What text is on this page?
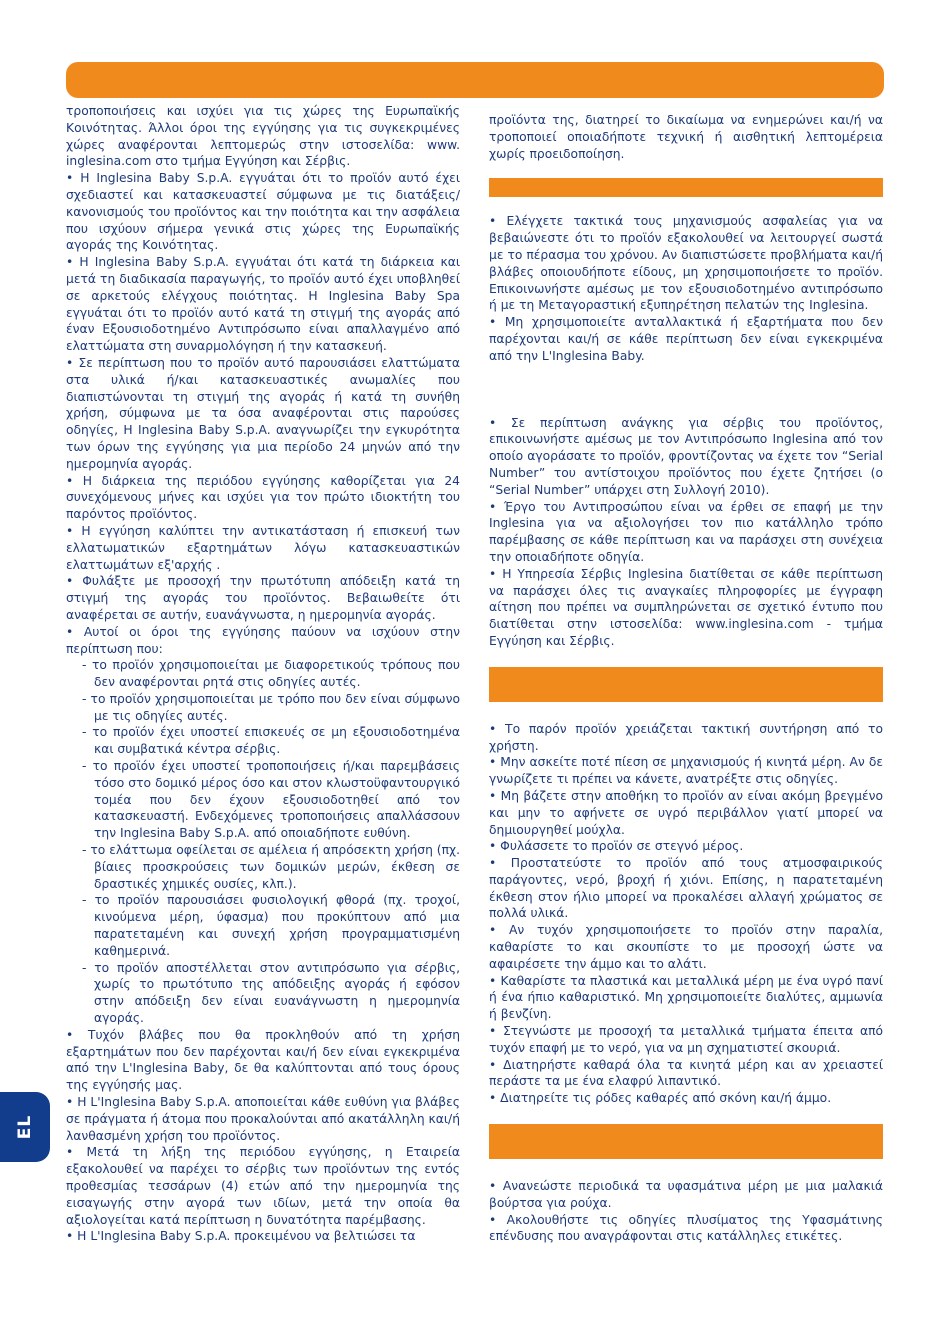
τροποποιήσεις και ισχύει για τις χώρες της Ευρωπαϊκής Κοινότητας. Άλλοι όροι της εγγύησης για τις συγκεκριμένες χώρες αναφέρονται λεπτομερώς στην ιστοσελίδα: www. inglesina.com στο τμήμα Εγγύηση και Σέρβις.

• Η Inglesina Baby S.p.A. εγγυάται ότι το προϊόν αυτό έχει σχεδιαστεί και κατασκευαστεί σύμφωνα με τις διατάξεις/κανονισμούς του προϊόντος και την ποιότητα και την ασφάλεια που ισχύουν σήμερα γενικά στις χώρες της Ευρωπαϊκής αγοράς της Κοινότητας.

• Η Inglesina Baby S.p.A. εγγυάται ότι κατά τη διάρκεια και μετά τη διαδικασία παραγωγής, το προϊόν αυτό έχει υποβληθεί σε αρκετούς ελέγχους ποιότητας. Η Inglesina Baby Spa εγγυάται ότι το προϊόν αυτό κατά τη στιγμή της αγοράς από έναν Εξουσιοδοτημένο Αντιπρόσωπο είναι απαλλαγμένο από ελαττώματα στη συναρμολόγηση ή την κατασκευή.

• Σε περίπτωση που το προϊόν αυτό παρουσιάσει ελαττώματα στα υλικά ή/και κατασκευαστικές ανωμαλίες που διαπιστώνονται τη στιγμή της αγοράς ή κατά τη συνήθη χρήση, σύμφωνα με τα όσα αναφέρονται στις παρούσες οδηγίες, Η Inglesina Baby S.p.A. αναγνωρίζει την εγκυρότητα των όρων της εγγύησης για μια περίοδο 24 μηνών από την ημερομηνία αγοράς.

• Η διάρκεια της περιόδου εγγύησης καθορίζεται για 24 συνεχόμενους μήνες και ισχύει για τον πρώτο ιδιοκτήτη του παρόντος προϊόντος.

• Η εγγύηση καλύπτει την αντικατάσταση ή επισκευή των ελλατωματικών εξαρτημάτων λόγω κατασκευαστικών ελαττωμάτων εξ'αρχής .

• Φυλάξτε με προσοχή την πρωτότυπη απόδειξη κατά τη στιγμή της αγοράς του προϊόντος. Βεβαιωθείτε ότι αναφέρεται σε αυτήν, ευανάγνωστα, η ημερομηνία αγοράς.

• Αυτοί οι όροι της εγγύησης παύουν να ισχύουν στην περίπτωση που:

- το προϊόν χρησιμοποιείται με διαφορετικούς τρόπους που δεν αναφέρονται ρητά στις οδηγίες αυτές.

- το προϊόν χρησιμοποιείται με τρόπο που δεν είναι σύμφωνο με τις οδηγίες αυτές.

- το προϊόν έχει υποστεί επισκευές σε μη εξουσιοδοτημένα και συμβατικά κέντρα σέρβις.

- το προϊόν έχει υποστεί τροποποιήσεις ή/και παρεμβάσεις τόσο στο δομικό μέρος όσο και στον κλωστοϋφαντουργικό τομέα που δεν έχουν εξουσιοδοτηθεί από τον κατασκευαστή. Ενδεχόμενες τροποποιήσεις απαλλάσσουν την Inglesina Baby S.p.A. από οποιαδήποτε ευθύνη.

- το ελάττωμα οφείλεται σε αμέλεια ή απρόσεκτη χρήση (πχ. βίαιες προσκρούσεις των δομικών μερών, έκθεση σε δραστικές χημικές ουσίες, κλπ.).

- το προϊόν παρουσιάσει φυσιολογική φθορά (πχ. τροχοί, κινούμενα μέρη, ύφασμα) που προκύπτουν από μια παρατεταμένη και συνεχή χρήση προγραμματισμένη καθημερινά.

- το προϊόν αποστέλλεται στον αντιπρόσωπο για σέρβις, χωρίς το πρωτότυπο της απόδειξης αγοράς ή εφόσον στην απόδειξη δεν είναι ευανάγνωστη η ημερομηνία αγοράς.

• Τυχόν βλάβες που θα προκληθούν από τη χρήση εξαρτημάτων που δεν παρέχονται και/ή δεν είναι εγκεκριμένα από την L'Inglesina Baby, δε θα καλύπτονται από τους όρους της εγγύησής μας.

• Η L'Inglesina Baby S.p.A. αποποιείται κάθε ευθύνη για βλάβες σε πράγματα ή άτομα που προκαλούνται από ακατάλληλη και/ή λανθασμένη χρήση του προϊόντος.

• Μετά τη λήξη της περιόδου εγγύησης, η Εταιρεία εξακολουθεί να παρέχει το σέρβις των προϊόντων της εντός προθεσμίας τεσσάρων (4) ετών από την ημερομηνία της εισαγωγής στην αγορά των ιδίων, μετά την οποία θα αξιολογείται κατά περίπτωση η δυνατότητα παρέμβασης.

• Η L'Inglesina Baby S.p.A. προκειμένου να βελτιώσει τα

προϊόντα της, διατηρεί το δικαίωμα να ενημερώνει και/ή να τροποποιεί οποιαδήποτε τεχνική ή αισθητική λεπτομέρεια χωρίς προειδοποίηση.

• Ελέγχετε τακτικά τους μηχανισμούς ασφαλείας για να βεβαιώνεστε ότι το προϊόν εξακολουθεί να λειτουργεί σωστά με το πέρασμα του χρόνου. Αν διαπιστώσετε προβλήματα και/ή βλάβες οποιουδήποτε είδους, μη χρησιμοποιήσετε το προϊόν. Επικοινωνήστε αμέσως με τον εξουσιοδοτημένο αντιπρόσωπο ή με τη Μεταγοραστική εξυπηρέτηση πελατών της Inglesina.

• Μη χρησιμοποιείτε ανταλλακτικά ή εξαρτήματα που δεν παρέχονται και/ή σε κάθε περίπτωση δεν είναι εγκεκριμένα από την L'Inglesina Baby.

• Σε περίπτωση ανάγκης για σέρβις του προϊόντος, επικοινωνήστε αμέσως με τον Αντιπρόσωπο Inglesina από τον οποίο αγοράσατε το προϊόν, φροντίζοντας να έχετε τον “Serial Number” του αντίστοιχου προϊόντος που έχετε ζητήσει (ο “Serial Number” υπάρχει στη Συλλογή 2010).

• Έργο του Αντιπροσώπου είναι να έρθει σε επαφή με την Inglesina για να αξιολογήσει τον πιο κατάλληλο τρόπο παρέμβασης σε κάθε περίπτωση και να παράσχει στη συνέχεια την οποιαδήποτε οδηγία.

• Η Υπηρεσία Σέρβις Inglesina διατίθεται σε κάθε περίπτωση να παράσχει όλες τις αναγκαίες πληροφορίες με έγγραφη αίτηση που πρέπει να συμπληρώνεται σε σχετικό έντυπο που διατίθεται στην ιστοσελίδα: www.inglesina.com - τμήμα Εγγύηση και Σέρβις.

• Το παρόν προϊόν χρειάζεται τακτική συντήρηση από το χρήστη.

• Μην ασκείτε ποτέ πίεση σε μηχανισμούς ή κινητά μέρη. Αν δε γνωρίζετε τι πρέπει να κάνετε, ανατρέξτε στις οδηγίες.

• Μη βάζετε στην αποθήκη το προϊόν αν είναι ακόμη βρεγμένο και μην το αφήνετε σε υγρό περιβάλλον γιατί μπορεί να δημιουργηθεί μούχλα.

• Φυλάσσετε το προϊόν σε στεγνό μέρος.

• Προστατεύστε το προϊόν από τους ατμοσφαιρικούς παράγοντες, νερό, βροχή ή χιόνι. Επίσης, η παρατεταμένη έκθεση στον ήλιο μπορεί να προκαλέσει αλλαγή χρώματος σε πολλά υλικά.

• Αν τυχόν χρησιμοποιήσετε το προϊόν στην παραλία, καθαρίστε το και σκουπίστε το με προσοχή ώστε να αφαιρέσετε την άμμο και το αλάτι.

• Καθαρίστε τα πλαστικά και μεταλλικά μέρη με ένα υγρό πανί ή ένα ήπιο καθαριστικό. Μη χρησιμοποιείτε διαλύτες, αμμωνία ή βενζίνη.

• Στεγνώστε με προσοχή τα μεταλλικά τμήματα έπειτα από τυχόν επαφή με το νερό, για να μη σχηματιστεί σκουριά.

• Διατηρήστε καθαρά όλα τα κινητά μέρη και αν χρειαστεί περάστε τα με ένα ελαφρύ λιπαντικό.

• Διατηρείτε τις ρόδες καθαρές από σκόνη και/ή άμμο.

• Ανανεώστε περιοδικά τα υφασμάτινα μέρη με μια μαλακιά βούρτσα για ρούχα.

• Ακολουθήστε τις οδηγίες πλυσίματος της Υφασμάτινης επένδυσης που αναγράφονται στις κατάλληλες ετικέτες.

EL
